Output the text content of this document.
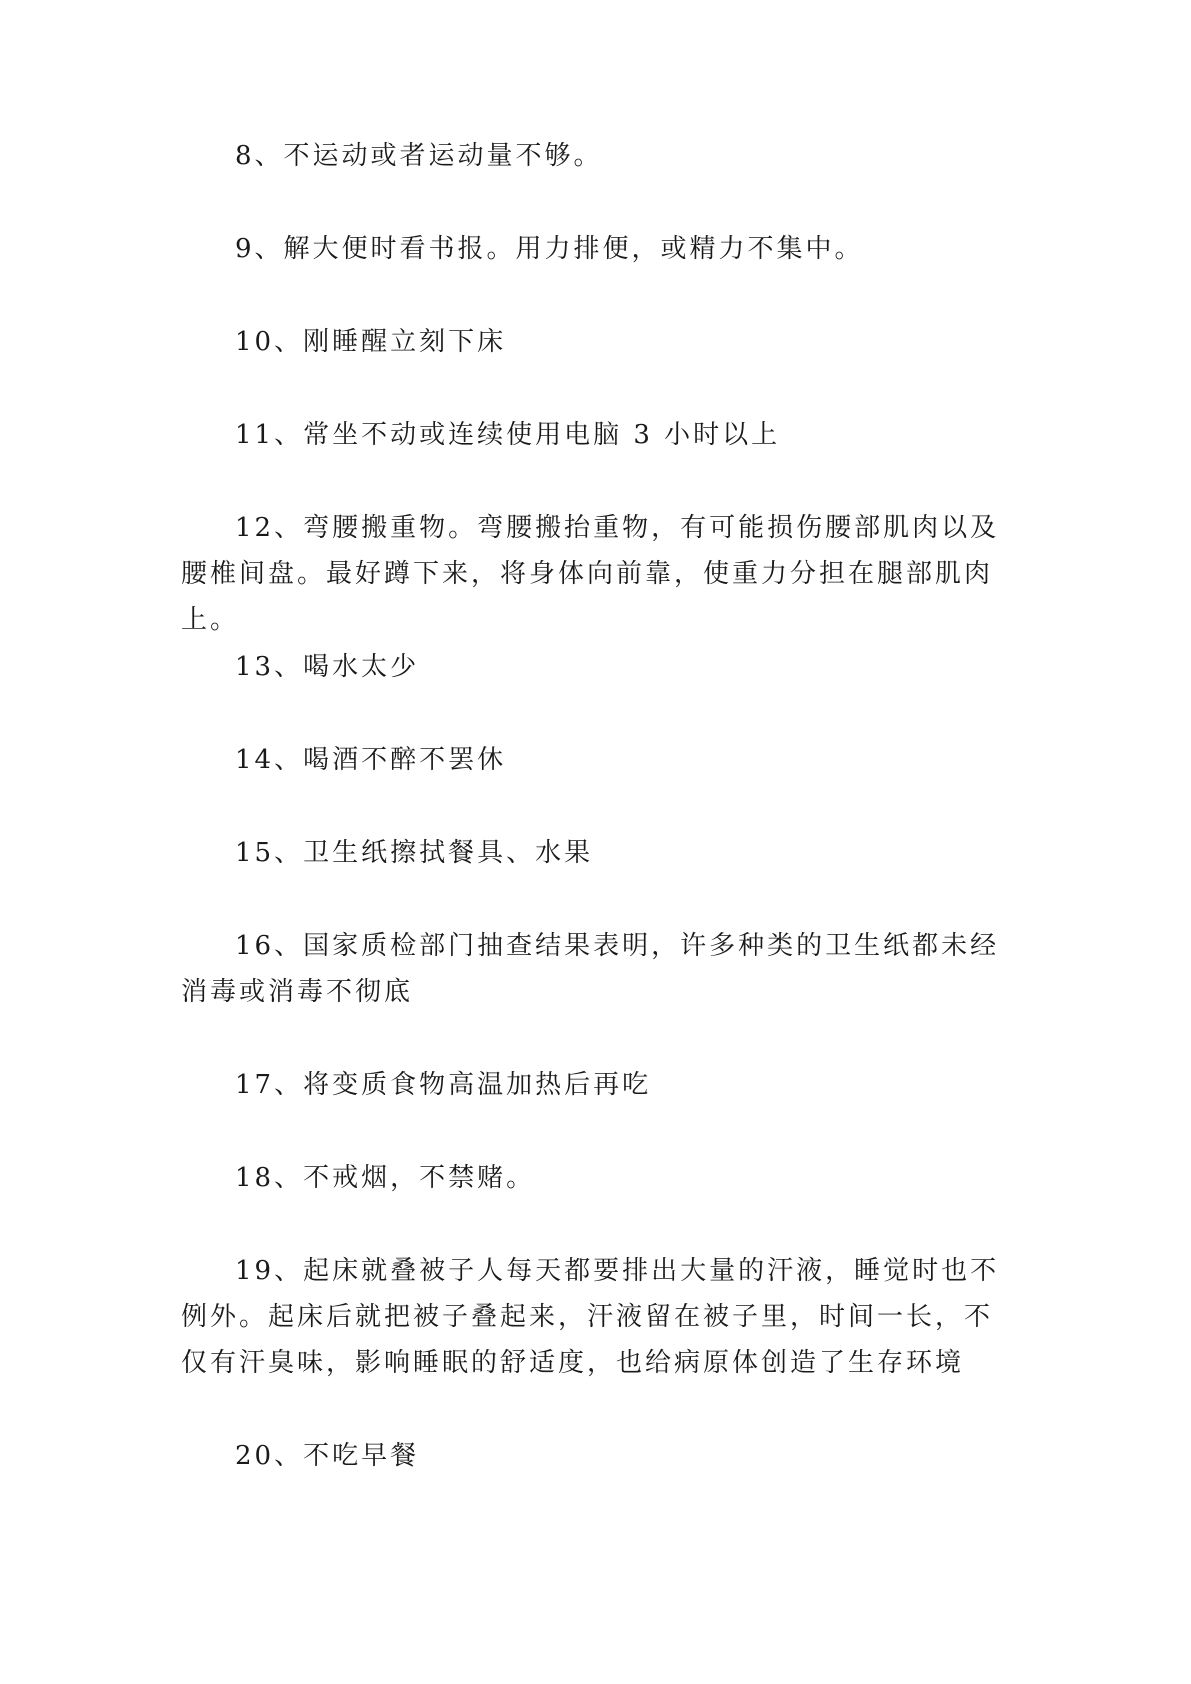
8、不运动或者运动量不够。

9、解大便时看书报。用力排便，或精力不集中。

10、刚睡醒立刻下床

11、常坐不动或连续使用电脑 3 小时以上

12、弯腰搬重物。弯腰搬抬重物，有可能损伤腰部肌肉以及腰椎间盘。最好蹲下来，将身体向前靠，使重力分担在腿部肌肉上。

13、喝水太少

14、喝酒不醉不罢休

15、卫生纸擦拭餐具、水果

16、国家质检部门抽查结果表明，许多种类的卫生纸都未经消毒或消毒不彻底

17、将变质食物高温加热后再吃

18、不戒烟，不禁赌。

19、起床就叠被子人每天都要排出大量的汗液，睡觉时也不例外。起床后就把被子叠起来，汗液留在被子里，时间一长，不仅有汗臭味，影响睡眠的舒适度，也给病原体创造了生存环境

20、不吃早餐
